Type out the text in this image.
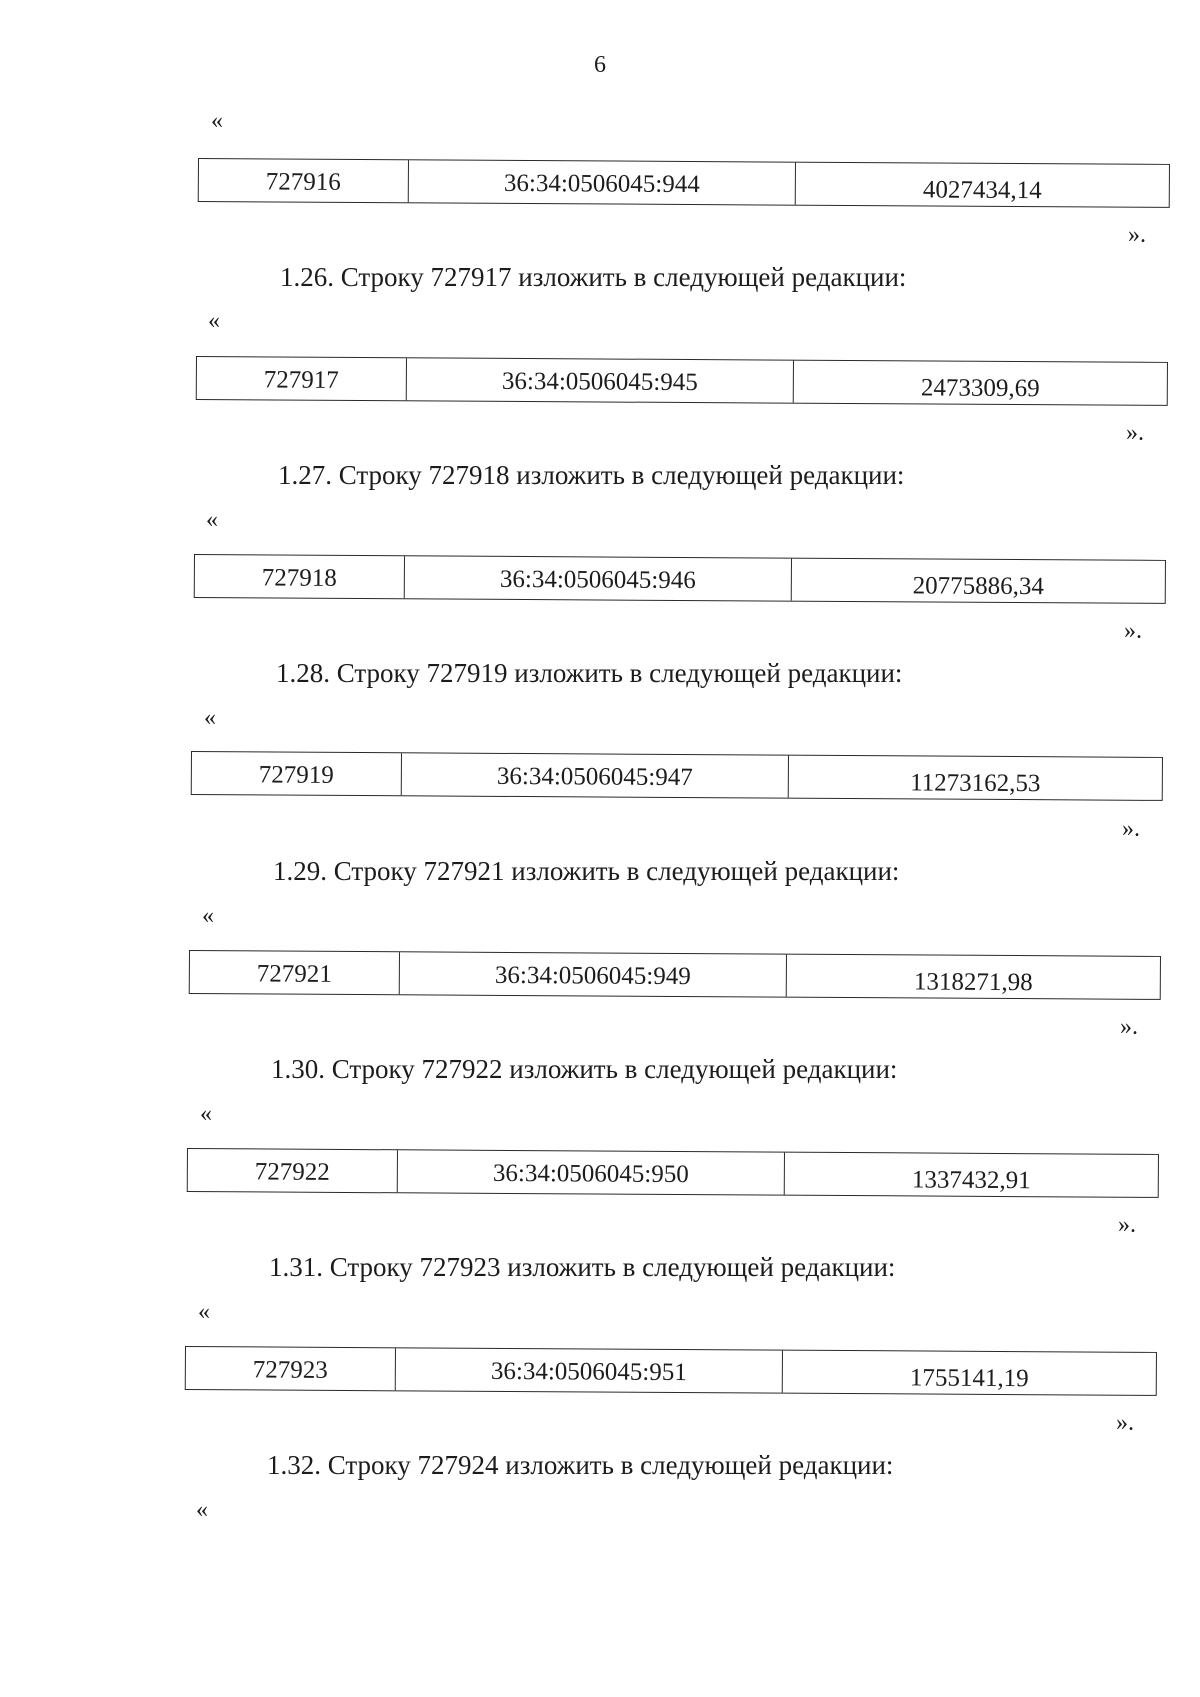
6
«
727916	36:34:0506045:944	4027434,14
».
1.26. Строку 727917 изложить в следующей редакции:
«
727917	36:34:0506045:945	2473309,69
».
1.27. Строку 727918 изложить в следующей редакции:
«
727918	36:34:0506045:946	20775886,34
».
1.28. Строку 727919 изложить в следующей редакции:
«
727919	36:34:0506045:947	11273162,53
».
1.29. Строку 727921 изложить в следующей редакции:
«
727921	36:34:0506045:949	1318271,98
».
1.30. Строку 727922 изложить в следующей редакции:
«
727922	36:34:0506045:950	1337432,91
».
1.31. Строку 727923 изложить в следующей редакции:
«
727923	36:34:0506045:951	1755141,19
».
1.32. Строку 727924 изложить в следующей редакции:
«
